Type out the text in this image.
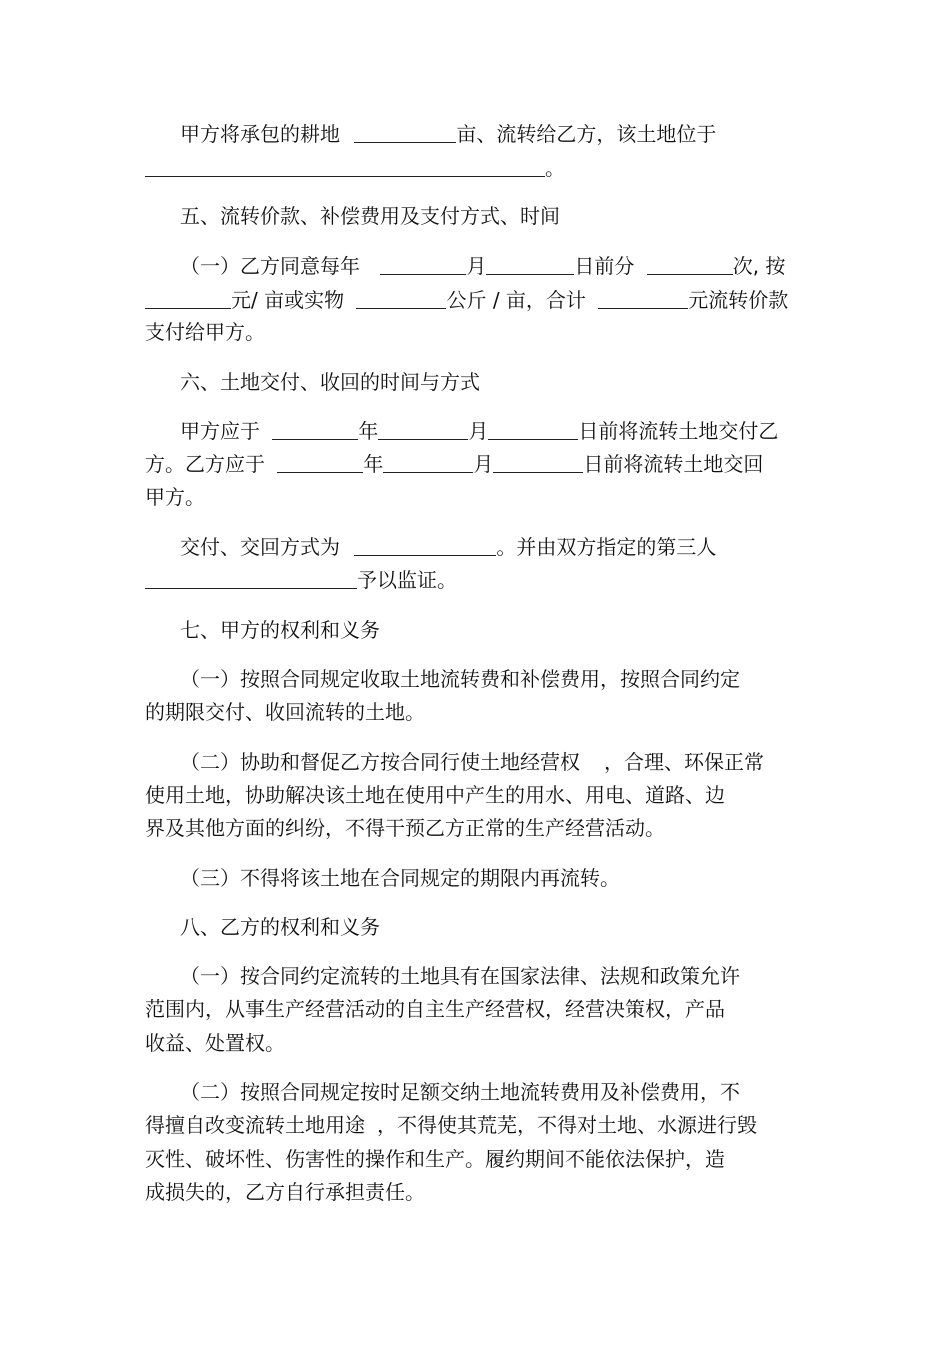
甲方将承包的耕地	亩、流转给乙方，该土地位于
。
五、流转价款、补偿费用及支付方式、时间
（一）乙方同意每年	月	日前分	次, 按
元/ 亩或实物	公斤 / 亩，合计	元流转价款
支付给甲方。
六、土地交付、收回的时间与方式
甲方应于	年	月	日前将流转土地交付乙
方。乙方应于	年	月	日前将流转土地交回
甲方。
交付、交回方式为	。并由双方指定的第三人
予以监证。
七、甲方的权利和义务
（一）按照合同规定收取土地流转费和补偿费用，按照合同约定
的期限交付、收回流转的土地。
（二）协助和督促乙方按合同行使土地经营权 ，合理、环保正常
使用土地，协助解决该土地在使用中产生的用水、用电、道路、边
界及其他方面的纠纷，不得干预乙方正常的生产经营活动。
（三）不得将该土地在合同规定的期限内再流转。
八、乙方的权利和义务
（一）按合同约定流转的土地具有在国家法律、法规和政策允许
范围内，从事生产经营活动的自主生产经营权，经营决策权，产品
收益、处置权。
（二）按照合同规定按时足额交纳土地流转费用及补偿费用，不
得擅自改变流转土地用途 ，不得使其荒芜，不得对土地、水源进行毁
灭性、破坏性、伤害性的操作和生产。履约期间不能依法保护，造
成损失的，乙方自行承担责任。
